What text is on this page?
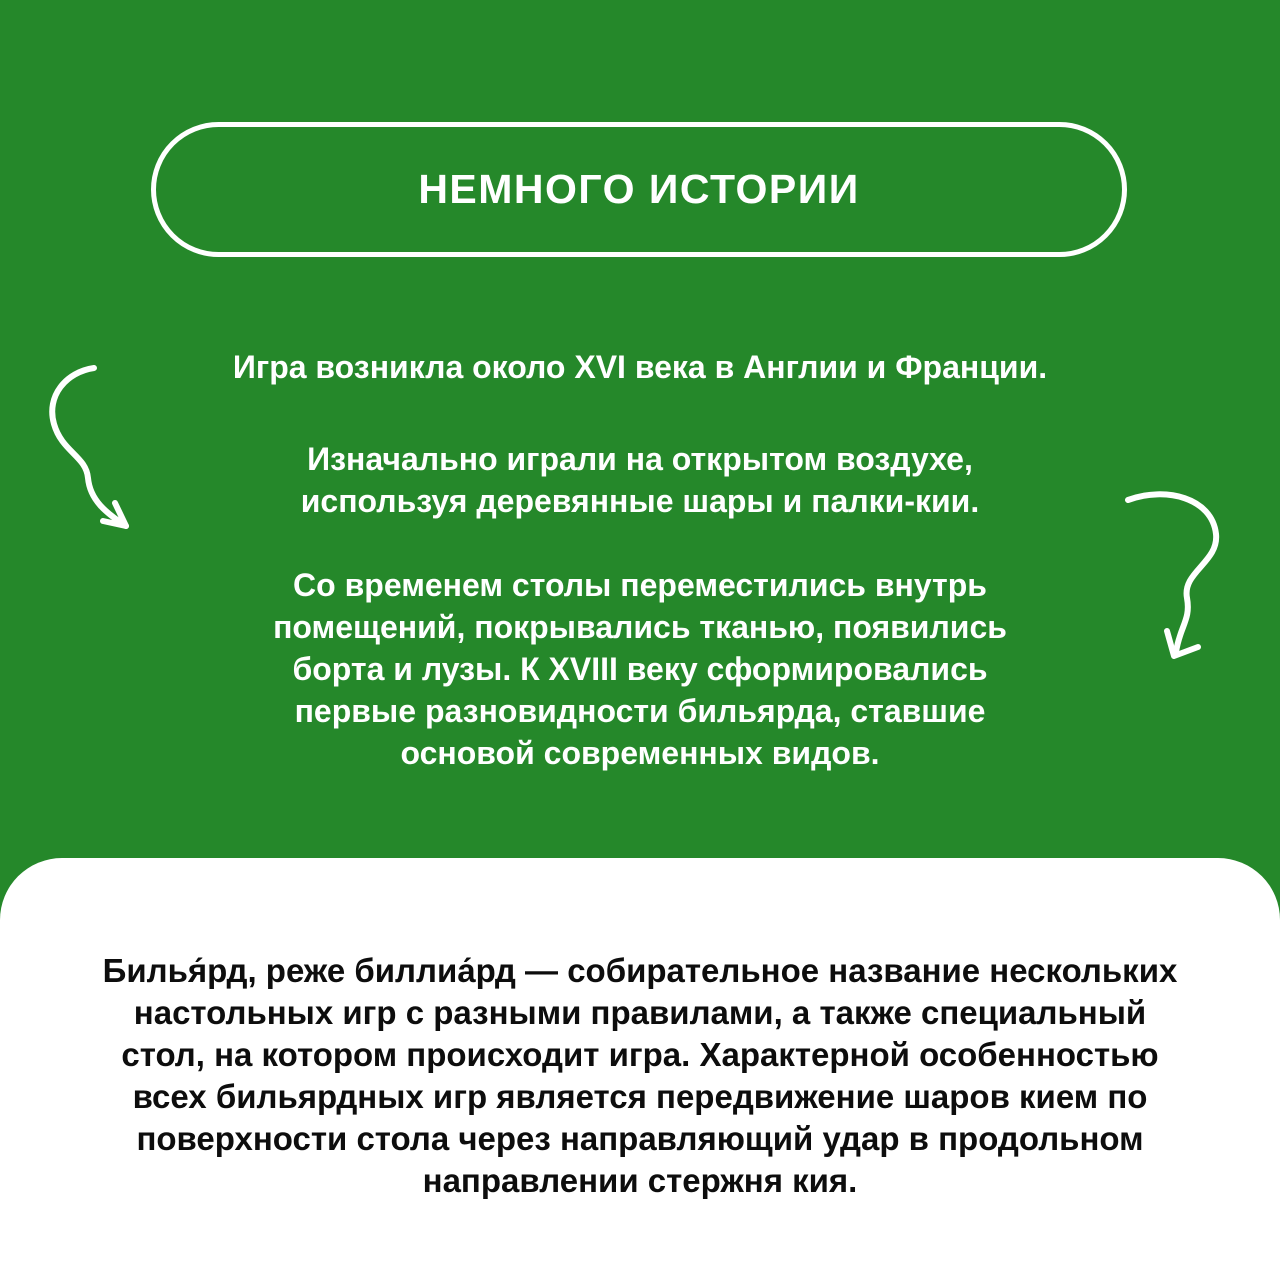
НЕМНОГО ИСТОРИИ

Игра возникла около XVI века в Англии и Франции.

Изначально играли на открытом воздухе, используя деревянные шары и палки-кии.

Со временем столы переместились внутрь помещений, покрывались тканью, появились борта и лузы. К XVIII веку сформировались первые разновидности бильярда, ставшие основой современных видов.

Билья́рд, реже биллиа́рд — собирательное название нескольких настольных игр с разными правилами, а также специальный стол, на котором происходит игра. Характерной особенностью всех бильярдных игр является передвижение шаров кием по поверхности стола через направляющий удар в продольном направлении стержня кия.
